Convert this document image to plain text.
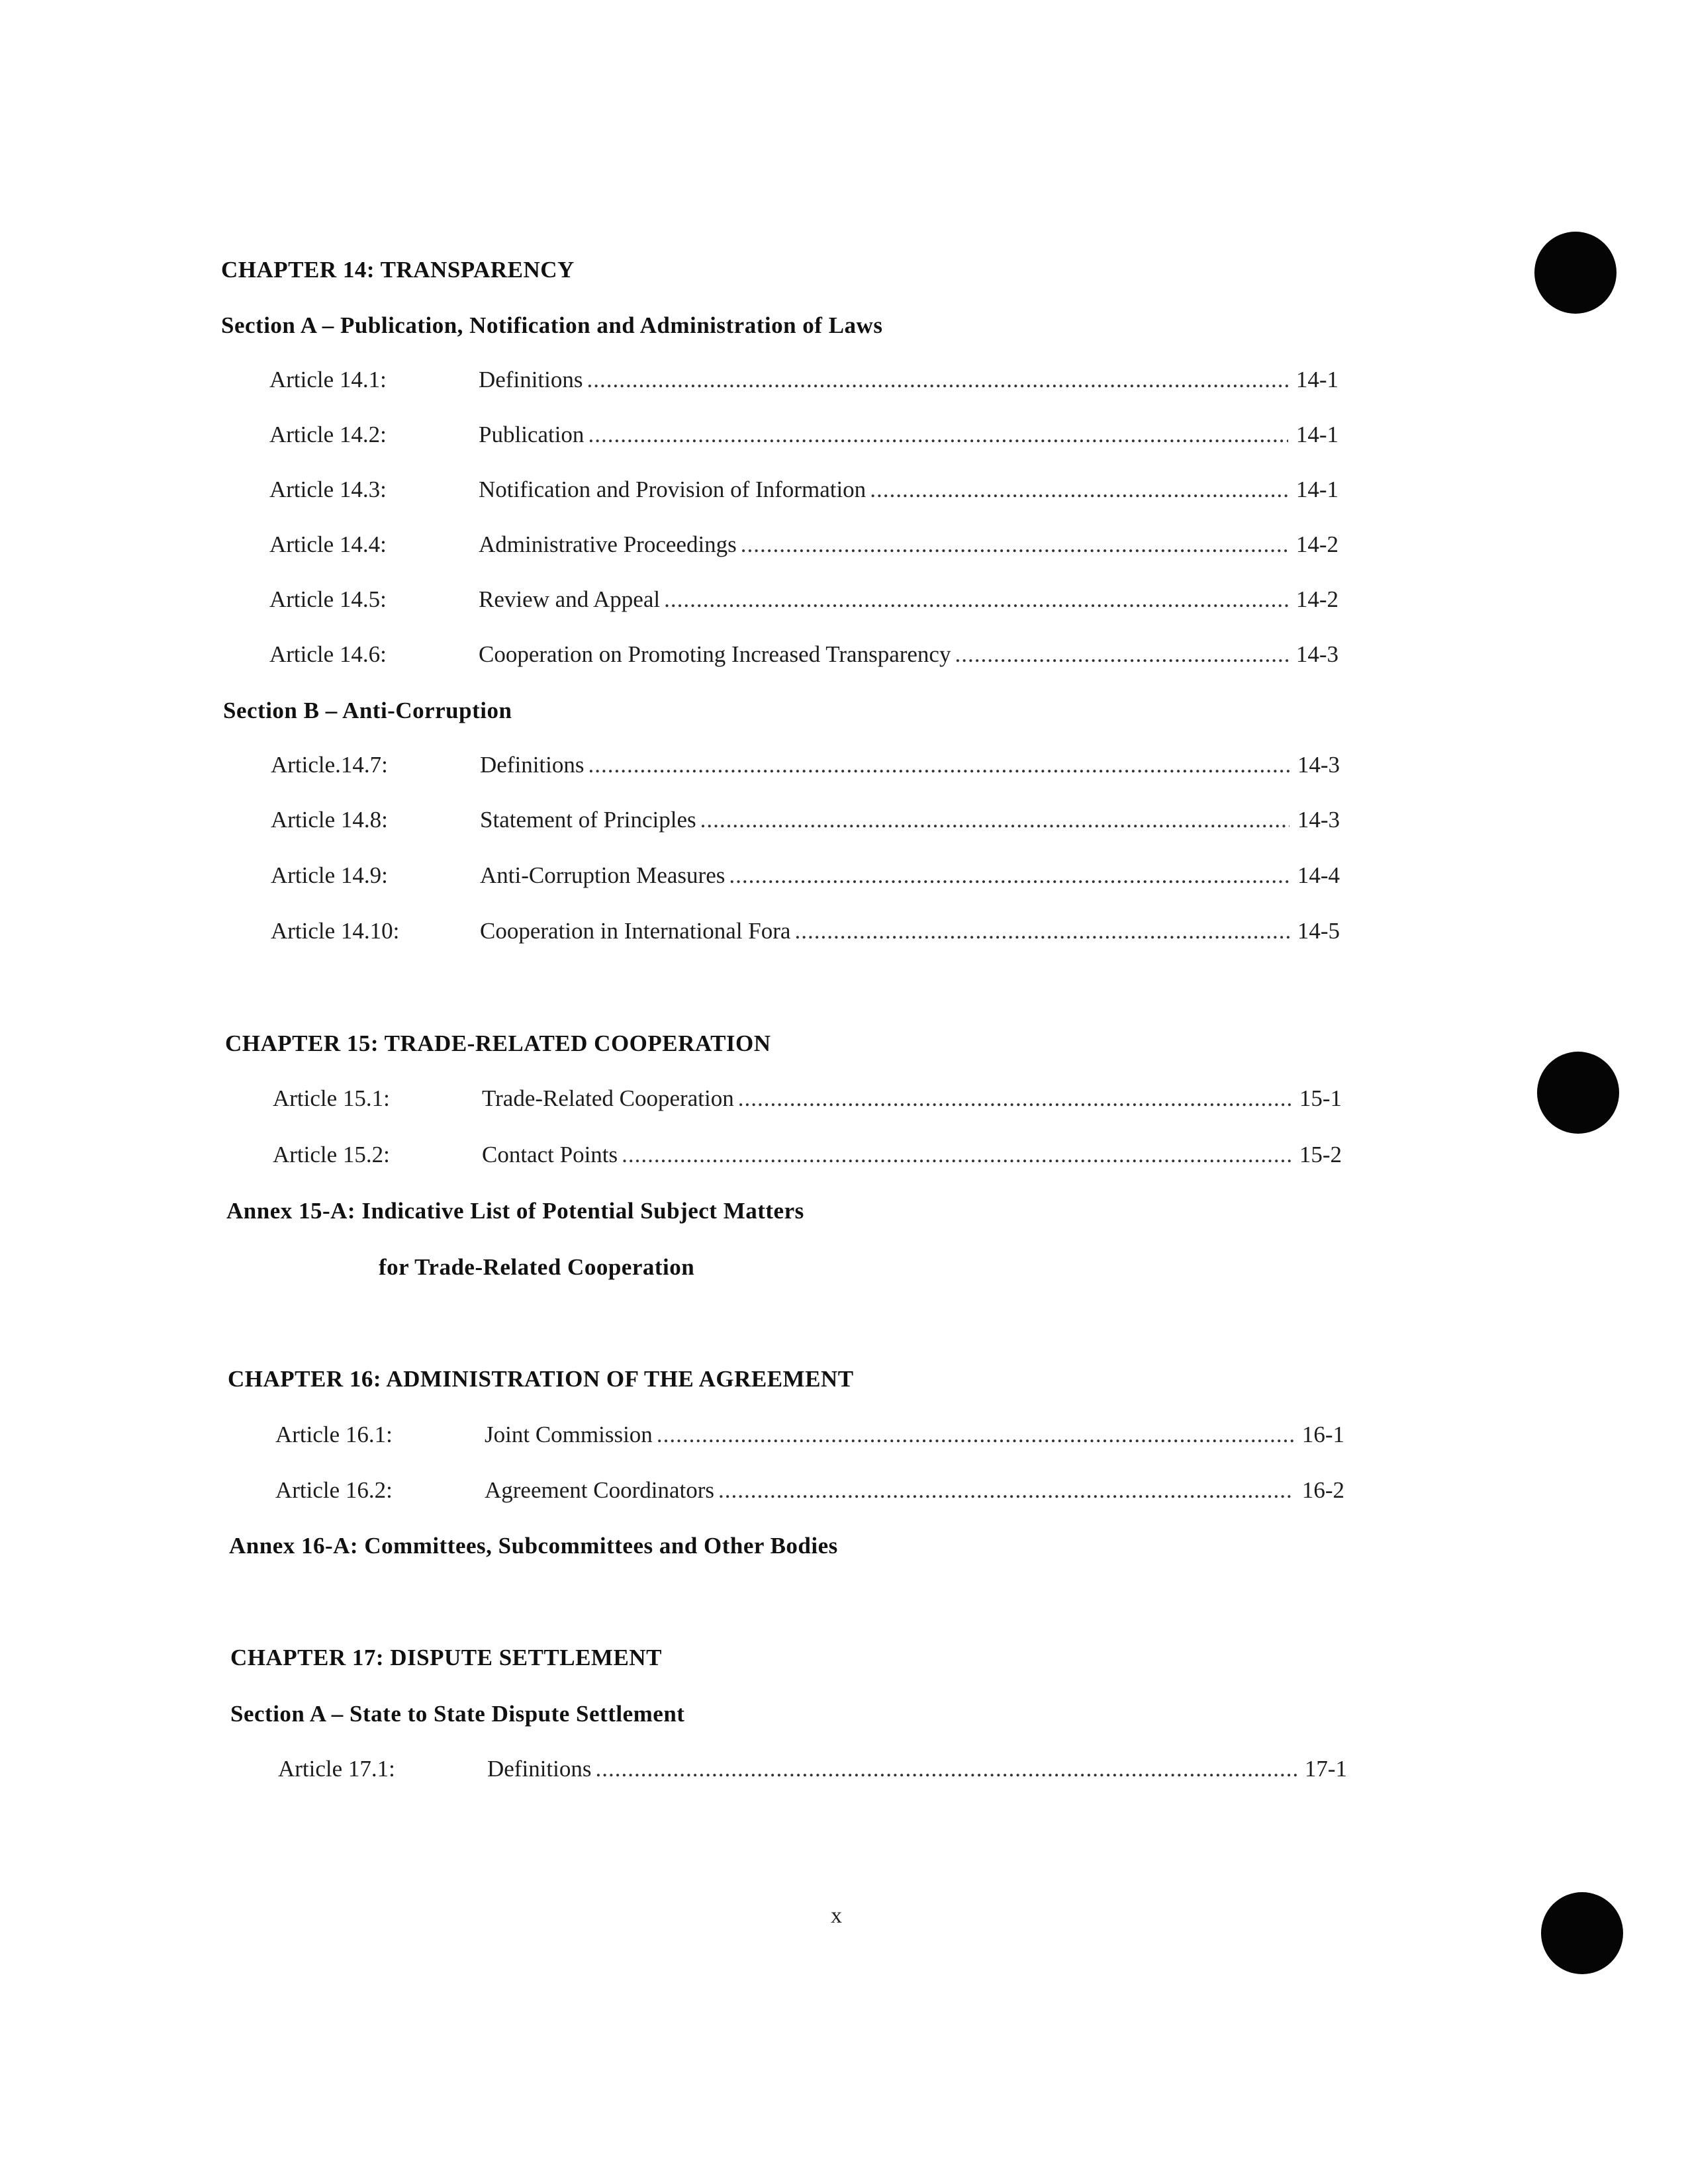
CHAPTER 14: TRANSPARENCY
Section A – Publication, Notification and Administration of Laws
Article 14.1:	Definitions .....	14-1
Article 14.2:	Publication .....	14-1
Article 14.3:	Notification and Provision of Information .....	14-1
Article 14.4:	Administrative Proceedings .....	14-2
Article 14.5:	Review and Appeal .....	14-2
Article 14.6:	Cooperation on Promoting Increased Transparency .....	14-3
Section B – Anti-Corruption
Article.14.7:	Definitions .....	14-3
Article 14.8:	Statement of Principles .....	14-3
Article 14.9:	Anti-Corruption Measures .....	14-4
Article 14.10:	Cooperation in International Fora .....	14-5
CHAPTER 15: TRADE-RELATED COOPERATION
Article 15.1:	Trade-Related Cooperation .....	15-1
Article 15.2:	Contact Points .....	15-2
Annex 15-A: Indicative List of Potential Subject Matters
for Trade-Related Cooperation
CHAPTER 16: ADMINISTRATION OF THE AGREEMENT
Article 16.1:	Joint Commission .....	16-1
Article 16.2:	Agreement Coordinators .....	16-2
Annex 16-A: Committees, Subcommittees and Other Bodies
CHAPTER 17: DISPUTE SETTLEMENT
Section A – State to State Dispute Settlement
Article 17.1:	Definitions .....	17-1
x
